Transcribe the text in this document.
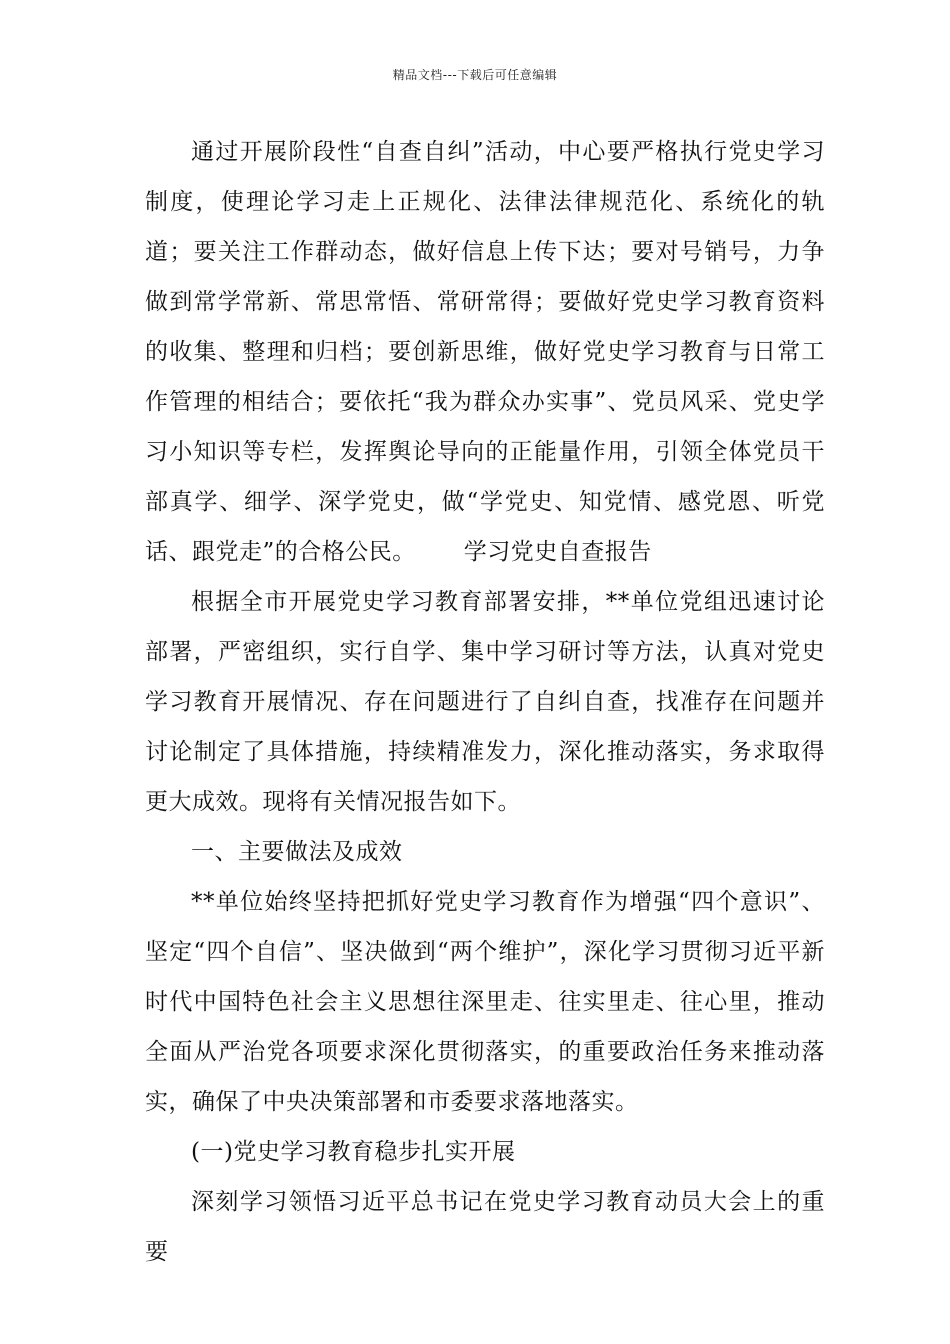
精品文档---下载后可任意编辑

通过开展阶段性“自查自纠”活动，中心要严格执行党史学习制度，使理论学习走上正规化、法律法律规范化、系统化的轨道；要关注工作群动态，做好信息上传下达；要对号销号，力争做到常学常新、常思常悟、常研常得；要做好党史学习教育资料的收集、整理和归档；要创新思维，做好党史学习教育与日常工作管理的相结合；要依托“我为群众办实事”、党员风采、党史学习小知识等专栏，发挥舆论导向的正能量作用，引领全体党员干部真学、细学、深学党史，做“学党史、知党情、感党恩、听党话、跟党走”的合格公民。 学习党史自查报告

根据全市开展党史学习教育部署安排，**单位党组迅速讨论部署，严密组织，实行自学、集中学习研讨等方法，认真对党史学习教育开展情况、存在问题进行了自纠自查，找准存在问题并讨论制定了具体措施，持续精准发力，深化推动落实，务求取得更大成效。现将有关情况报告如下。

一、主要做法及成效

**单位始终坚持把抓好党史学习教育作为增强“四个意识”、坚定“四个自信”、坚决做到“两个维护”，深化学习贯彻习近平新时代中国特色社会主义思想往深里走、往实里走、往心里，推动全面从严治党各项要求深化贯彻落实，的重要政治任务来推动落实，确保了中央决策部署和市委要求落地落实。

(一)党史学习教育稳步扎实开展

深刻学习领悟习近平总书记在党史学习教育动员大会上的重要
